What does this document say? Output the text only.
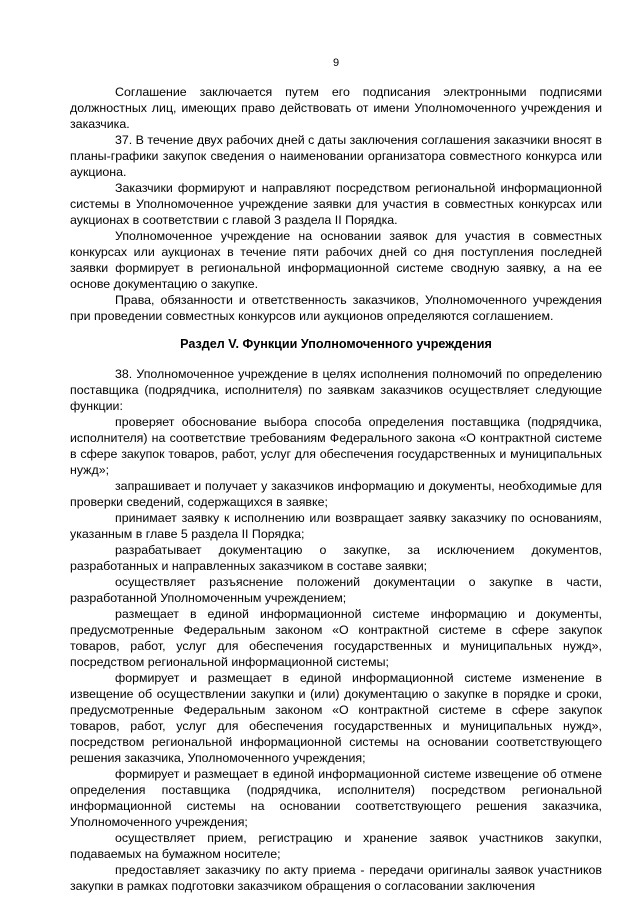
9

Соглашение заключается путем его подписания электронными подписями должностных лиц, имеющих право действовать от имени Уполномоченного учреждения и заказчика.

37. В течение двух рабочих дней с даты заключения соглашения заказчики вносят в планы-графики закупок сведения о наименовании организатора совместного конкурса или аукциона.

Заказчики формируют и направляют посредством региональной информационной системы в Уполномоченное учреждение заявки для участия в совместных конкурсах или аукционах в соответствии с главой 3 раздела II Порядка.

Уполномоченное учреждение на основании заявок для участия в совместных конкурсах или аукционах в течение пяти рабочих дней со дня поступления последней заявки формирует в региональной информационной системе сводную заявку, а на ее основе документацию о закупке.

Права, обязанности и ответственность заказчиков, Уполномоченного учреждения при проведении совместных конкурсов или аукционов определяются соглашением.

Раздел V. Функции Уполномоченного учреждения

38. Уполномоченное учреждение в целях исполнения полномочий по определению поставщика (подрядчика, исполнителя) по заявкам заказчиков осуществляет следующие функции:

проверяет обоснование выбора способа определения поставщика (подрядчика, исполнителя) на соответствие требованиям Федерального закона «О контрактной системе в сфере закупок товаров, работ, услуг для обеспечения государственных и муниципальных нужд»;

запрашивает и получает у заказчиков информацию и документы, необходимые для проверки сведений, содержащихся в заявке;

принимает заявку к исполнению или возвращает заявку заказчику по основаниям, указанным в главе 5 раздела II Порядка;

разрабатывает документацию о закупке, за исключением документов, разработанных и направленных заказчиком в составе заявки;

осуществляет разъяснение положений документации о закупке в части, разработанной Уполномоченным учреждением;

размещает в единой информационной системе информацию и документы, предусмотренные Федеральным законом «О контрактной системе в сфере закупок товаров, работ, услуг для обеспечения государственных и муниципальных нужд», посредством региональной информационной системы;

формирует и размещает в единой информационной системе изменение в извещение об осуществлении закупки и (или) документацию о закупке в порядке и сроки, предусмотренные Федеральным законом «О контрактной системе в сфере закупок товаров, работ, услуг для обеспечения государственных и муниципальных нужд», посредством региональной информационной системы на основании соответствующего решения заказчика, Уполномоченного учреждения;

формирует и размещает в единой информационной системе извещение об отмене определения поставщика (подрядчика, исполнителя) посредством региональной информационной системы на основании соответствующего решения заказчика, Уполномоченного учреждения;

осуществляет прием, регистрацию и хранение заявок участников закупки, подаваемых на бумажном носителе;

предоставляет заказчику по акту приема - передачи оригиналы заявок участников закупки в рамках подготовки заказчиком обращения о согласовании заключения
